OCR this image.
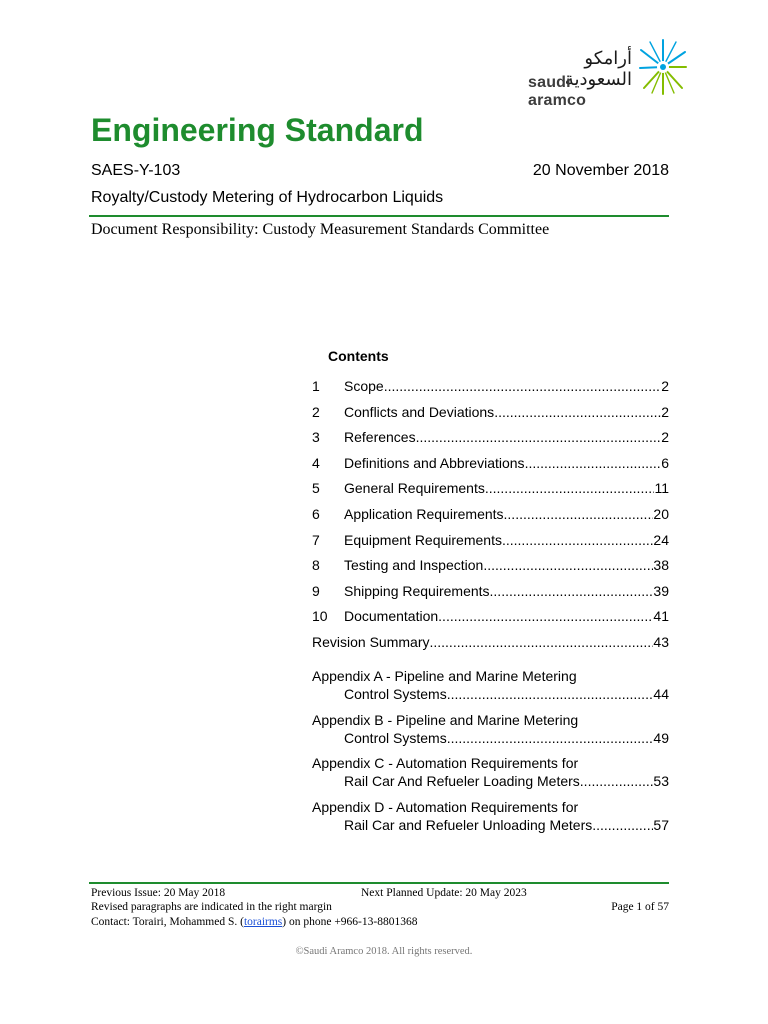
أرامكو السعودية
saudi aramco
Engineering Standard
SAES-Y-103	20 November 2018
Royalty/Custody Metering of Hydrocarbon Liquids
Document Responsibility: Custody Measurement Standards Committee
Contents
1	Scope .....	2
2	Conflicts and Deviations .....	2
3	References .....	2
4	Definitions and Abbreviations .....	6
5	General Requirements .....	11
6	Application Requirements .....	20
7	Equipment Requirements .....	24
8	Testing and Inspection .....	38
9	Shipping Requirements .....	39
10	Documentation .....	41
Revision Summary .....	43
Appendix A - Pipeline and Marine Metering
Control Systems .....	44
Appendix B - Pipeline and Marine Metering
Control Systems .....	49
Appendix C - Automation Requirements for
Rail Car And Refueler Loading Meters .....	53
Appendix D - Automation Requirements for
Rail Car and Refueler Unloading Meters .....	57
Previous Issue: 20 May 2018	Next Planned Update: 20 May 2023
Revised paragraphs are indicated in the right margin	Page 1 of 57
Contact: Torairi, Mohammed S. (torairms) on phone +966-13-8801368
©Saudi Aramco 2018. All rights reserved.
